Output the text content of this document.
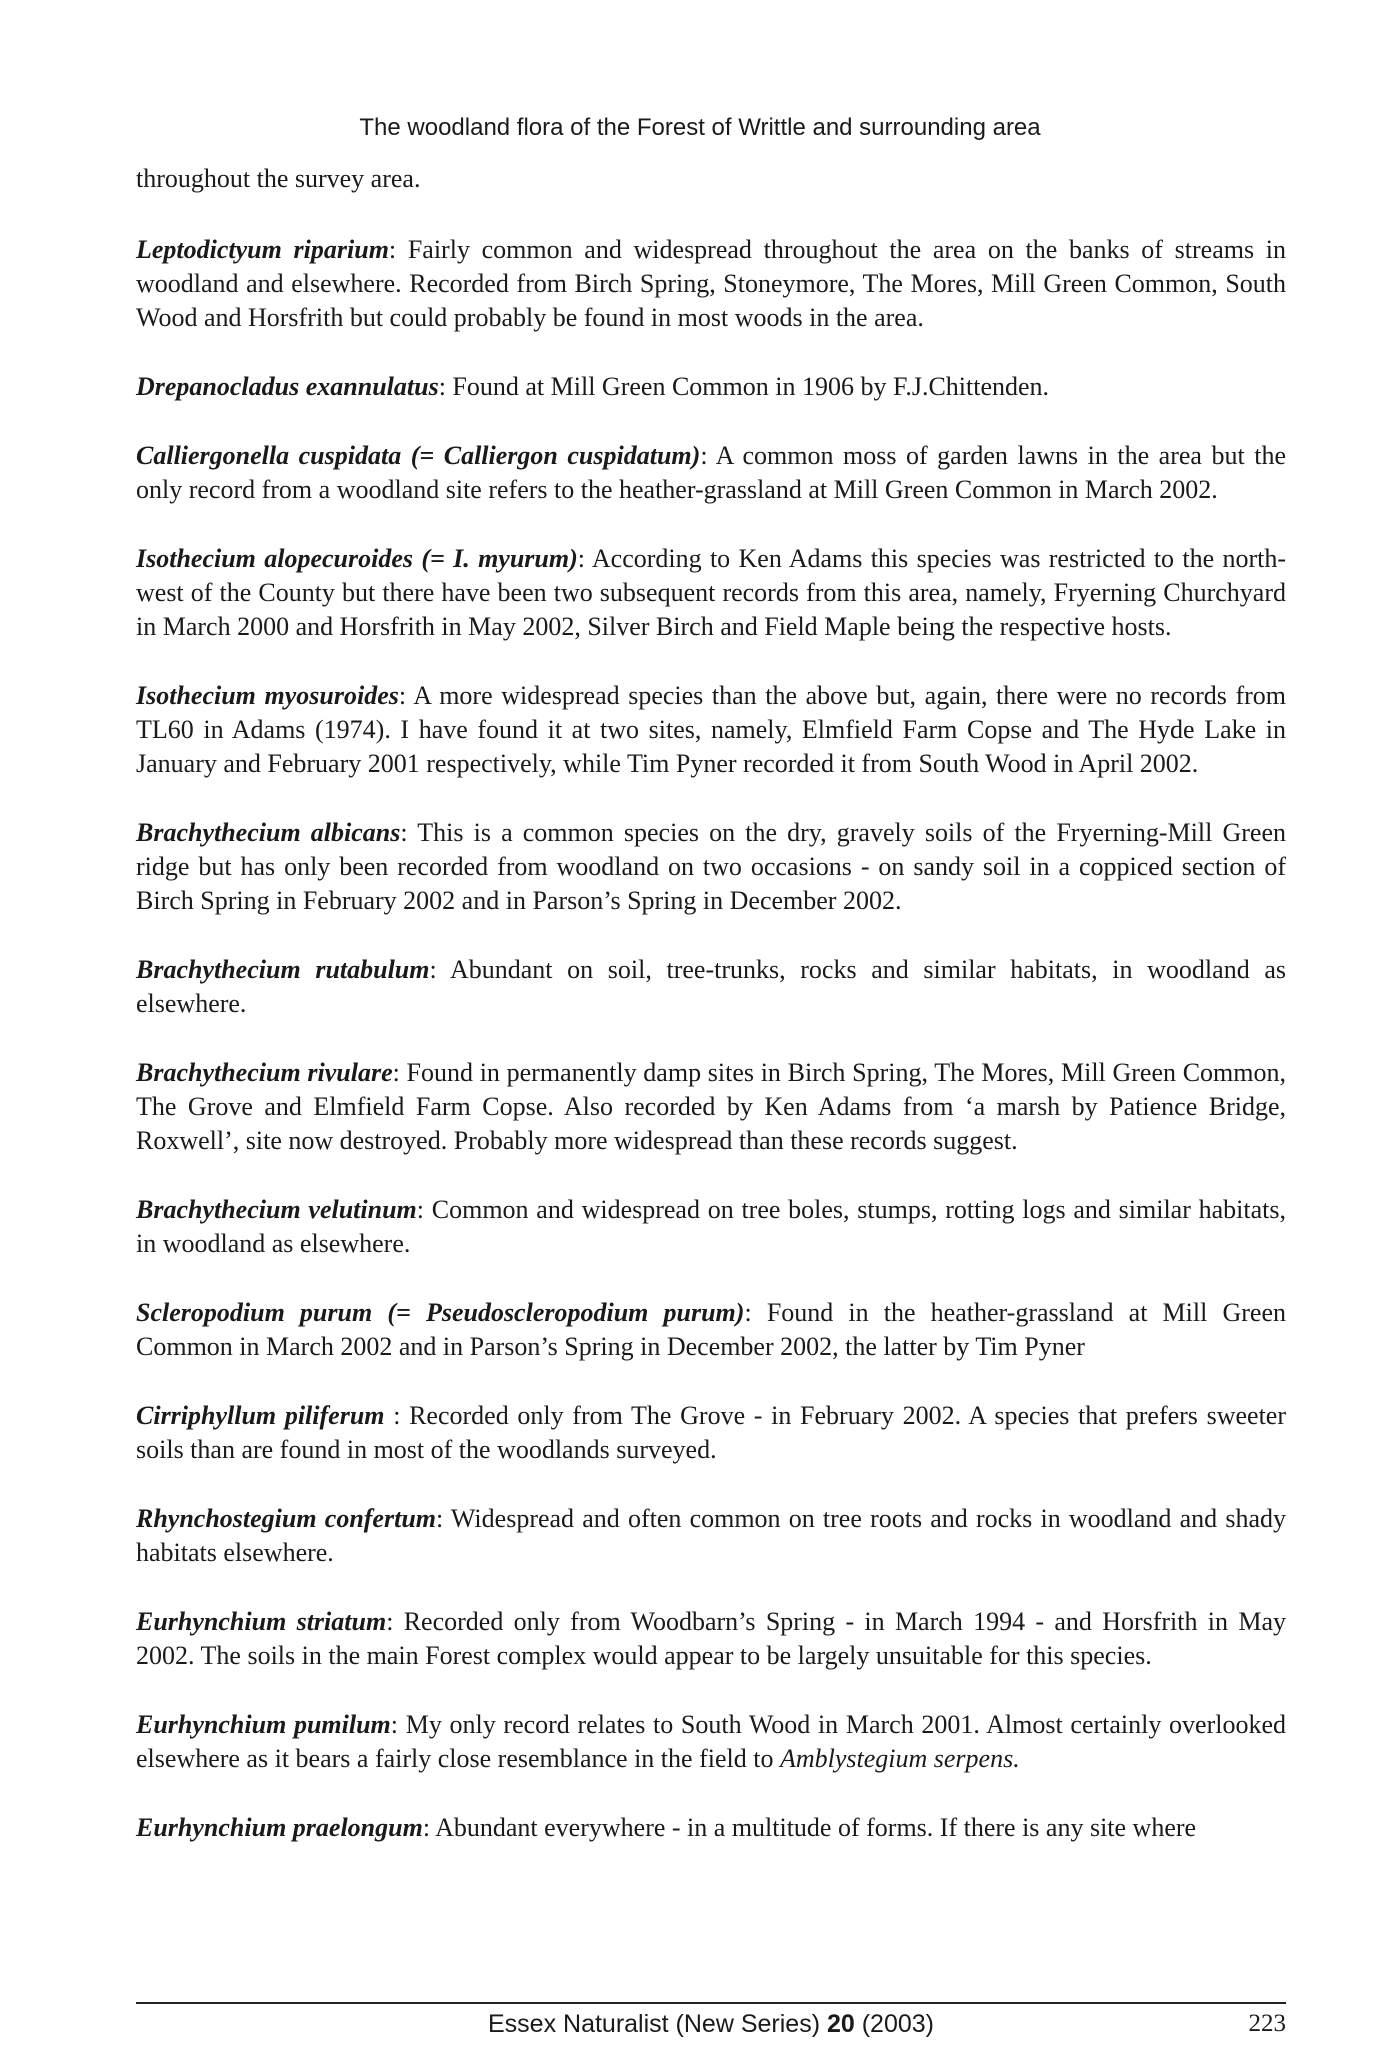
The woodland flora of the Forest of Writtle and surrounding area

throughout the survey area.

Leptodictyum riparium: Fairly common and widespread throughout the area on the banks of streams in woodland and elsewhere. Recorded from Birch Spring, Stoneymore, The Mores, Mill Green Common, South Wood and Horsfrith but could probably be found in most woods in the area.

Drepanocladus exannulatus: Found at Mill Green Common in 1906 by F.J.Chittenden.

Calliergonella cuspidata (= Calliergon cuspidatum): A common moss of garden lawns in the area but the only record from a woodland site refers to the heather-grassland at Mill Green Common in March 2002.

Isothecium alopecuroides (= I. myurum): According to Ken Adams this species was restricted to the north-west of the County but there have been two subsequent records from this area, namely, Fryerning Churchyard in March 2000 and Horsfrith in May 2002, Silver Birch and Field Maple being the respective hosts.

Isothecium myosuroides: A more widespread species than the above but, again, there were no records from TL60 in Adams (1974). I have found it at two sites, namely, Elmfield Farm Copse and The Hyde Lake in January and February 2001 respectively, while Tim Pyner recorded it from South Wood in April 2002.

Brachythecium albicans: This is a common species on the dry, gravely soils of the Fryerning-Mill Green ridge but has only been recorded from woodland on two occasions - on sandy soil in a coppiced section of Birch Spring in February 2002 and in Parson’s Spring in December 2002.

Brachythecium rutabulum: Abundant on soil, tree-trunks, rocks and similar habitats, in woodland as elsewhere.

Brachythecium rivulare: Found in permanently damp sites in Birch Spring, The Mores, Mill Green Common, The Grove and Elmfield Farm Copse. Also recorded by Ken Adams from ‘a marsh by Patience Bridge, Roxwell’, site now destroyed. Probably more widespread than these records suggest.

Brachythecium velutinum: Common and widespread on tree boles, stumps, rotting logs and similar habitats, in woodland as elsewhere.

Scleropodium purum (= Pseudoscleropodium purum): Found in the heather-grassland at Mill Green Common in March 2002 and in Parson’s Spring in December 2002, the latter by Tim Pyner

Cirriphyllum piliferum : Recorded only from The Grove - in February 2002. A species that prefers sweeter soils than are found in most of the woodlands surveyed.

Rhynchostegium confertum: Widespread and often common on tree roots and rocks in woodland and shady habitats elsewhere.

Eurhynchium striatum: Recorded only from Woodbarn’s Spring - in March 1994 - and Horsfrith in May 2002. The soils in the main Forest complex would appear to be largely unsuitable for this species.

Eurhynchium pumilum: My only record relates to South Wood in March 2001. Almost certainly overlooked elsewhere as it bears a fairly close resemblance in the field to Amblystegium serpens.

Eurhynchium praelongum: Abundant everywhere - in a multitude of forms. If there is any site where

Essex Naturalist (New Series) 20 (2003)	223
